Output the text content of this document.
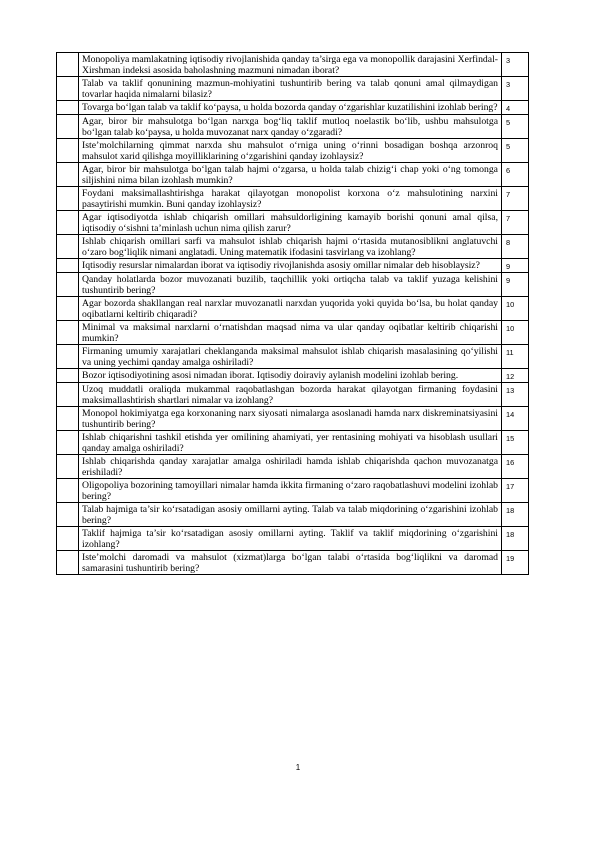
	Monopoliya mamlakatning iqtisodiy rivojlanishida qanday ta’sirga ega va monopollik darajasini Xerfindal-Xirshman indeksi asosida baholashning mazmuni nimadan iborat?	3
	Talab va taklif qonunining mazmun-mohiyatini tushuntirib bering va talab qonuni amal qilmaydigan tovarlar haqida nimalarni bilasiz?	3
	Tovarga bo‘lgan talab va taklif ko‘paysa, u holda bozorda qanday o‘zgarishlar kuzatilishini izohlab bering?	4
	Agar, biror bir mahsulotga bo‘lgan narxga bog‘liq taklif mutloq noelastik bo‘lib, ushbu mahsulotga bo‘lgan talab ko‘paysa, u holda muvozanat narx qanday o‘zgaradi?	5
	Iste’molchilarning qimmat narxda shu mahsulot o‘rniga uning o‘rinni bosadigan boshqa arzonroq mahsulot xarid qilishga moyilliklarining o‘zgarishini qanday izohlaysiz?	5
	Agar, biror bir mahsulotga bo‘lgan talab hajmi o‘zgarsa, u holda talab chizig‘i chap yoki o‘ng tomonga siljishini nima bilan izohlash mumkin?	6
	Foydani maksimallashtirishga harakat qilayotgan monopolist korxona o‘z mahsulotining narxini pasaytirishi mumkin. Buni qanday izohlaysiz?	7
	Agar iqtisodiyotda ishlab chiqarish omillari mahsuldorligining kamayib borishi qonuni amal qilsa, iqtisodiy o‘sishni ta’minlash uchun nima qilish zarur?	7
	Ishlab chiqarish omillari sarfi va mahsulot ishlab chiqarish hajmi o‘rtasida mutanosiblikni anglatuvchi o‘zaro bog‘liqlik nimani anglatadi. Uning matematik ifodasini tasvirlang va izohlang?	8
	Iqtisodiy resurslar nimalardan iborat va iqtisodiy rivojlanishda asosiy omillar nimalar deb hisoblaysiz?	9
	Qanday holatlarda bozor muvozanati buzilib, taqchillik yoki ortiqcha talab va taklif yuzaga kelishini tushuntirib bering?	9
	Agar bozorda shakllangan real narxlar muvozanatli narxdan yuqorida yoki quyida bo‘lsa, bu holat qanday oqibatlarni keltirib chiqaradi?	10
	Minimal va maksimal narxlarni o‘rnatishdan maqsad nima va ular qanday oqibatlar keltirib chiqarishi mumkin?	10
	Firmaning umumiy xarajatlari cheklanganda maksimal mahsulot ishlab chiqarish masalasining qo‘yilishi va uning yechimi qanday amalga oshiriladi?	11
	Bozor iqtisodiyotining asosi nimadan iborat. Iqtisodiy doiraviy aylanish modelini izohlab bering.	12
	Uzoq muddatli oraliqda mukammal raqobatlashgan bozorda harakat qilayotgan firmaning foydasini maksimallashtirish shartlari nimalar va izohlang?	13
	Monopol hokimiyatga ega korxonaning narx siyosati nimalarga asoslanadi hamda narx diskreminatsiyasini tushuntirib bering?	14
	Ishlab chiqarishni tashkil etishda yer omilining ahamiyati, yer rentasining mohiyati va hisoblash usullari qanday amalga oshiriladi?	15
	Ishlab chiqarishda qanday xarajatlar amalga oshiriladi hamda ishlab chiqarishda qachon muvozanatga erishiladi?	16
	Oligopoliya bozorining tamoyillari nimalar hamda ikkita firmaning o‘zaro raqobatlashuvi modelini izohlab bering?	17
	Talab hajmiga ta’sir ko‘rsatadigan asosiy omillarni ayting. Talab va talab miqdorining o‘zgarishini izohlab bering?	18
	Taklif hajmiga ta’sir ko‘rsatadigan asosiy omillarni ayting. Taklif va taklif miqdorining o‘zgarishini izohlang?	18
	Iste’molchi daromadi va mahsulot (xizmat)larga bo‘lgan talabi o‘rtasida bog‘liqlikni va daromad samarasini tushuntirib bering?	19
1
